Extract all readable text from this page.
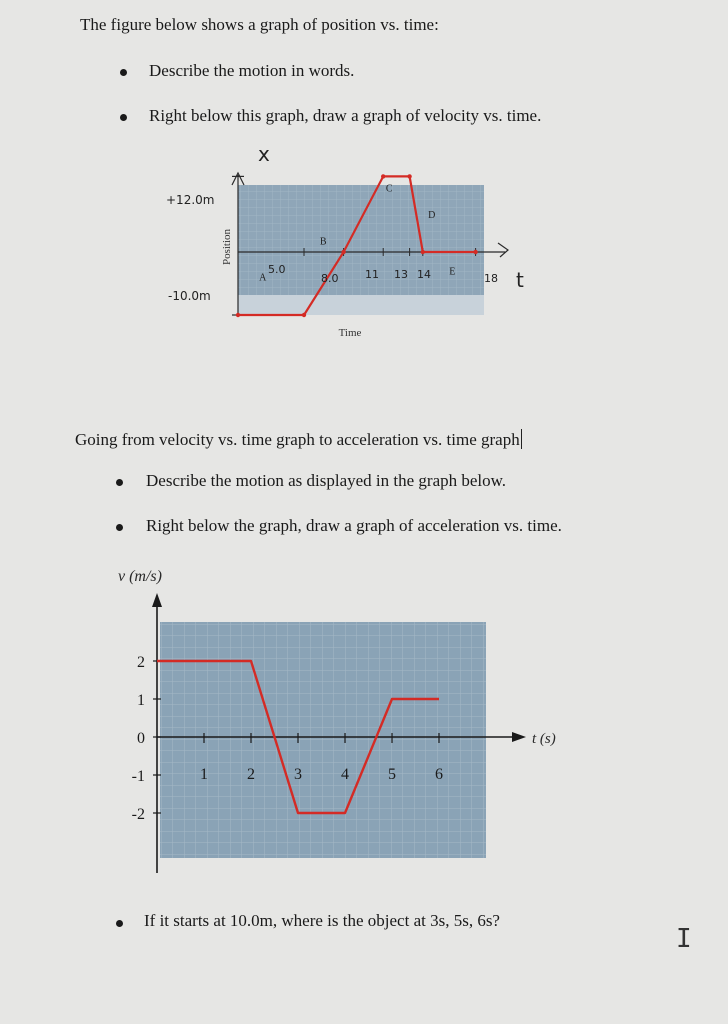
The figure below shows a graph of position vs. time:
Describe the motion in words.
Right below this graph, draw a graph of velocity vs. time.
Time
Position
A
B
C
D
E
x
t
+12.0m
-10.0m
5.0
8.0 11 13 14	18
Going from velocity vs. time graph to acceleration vs. time graph
Describe the motion as displayed in the graph below.
Right below the graph, draw a graph of acceleration vs. time.
2
1
0
-1
-2
1 2 3 4 5 6
v (m/s)
t (s)
If it starts at 10.0m, where is the object at 3s, 5s, 6s?
I
